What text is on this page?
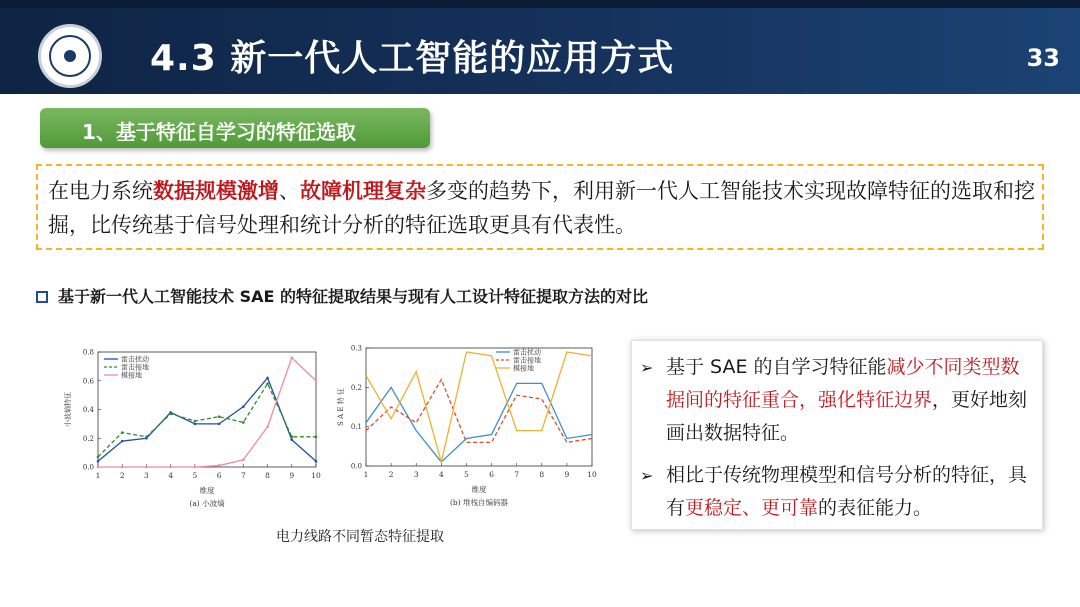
4.3 新一代人工智能的应用方式	33
1、基于特征自学习的特征选取
在电力系统数据规模激增、故障机理复杂多变的趋势下，利用新一代人工智能技术实现故障特征的选取和挖掘，比传统基于信号处理和统计分析的特征选取更具有代表性。
基于新一代人工智能技术 SAE 的特征提取结果与现有人工设计特征提取方法的对比
1	2	3	4	5	6	7	8	9 10
0.0
0.2
0.4
0.6
0.8
维度
小波熵特征
(a) 小波熵
雷击扰动
雷击接地
模接地
1	2	3	4	5	6	7	8	9 10
0.0
0.1
0.2
0.3
维度
S A E 特 征
(b) 堆栈自编码器
雷击扰动
雷击接地
模接地
电力线路不同暂态特征提取
➢ 基于 SAE 的自学习特征能减少不同类型数据间的特征重合，强化特征边界，更好地刻画出数据特征。
➢ 相比于传统物理模型和信号分析的特征，具有更稳定、更可靠的表征能力。
